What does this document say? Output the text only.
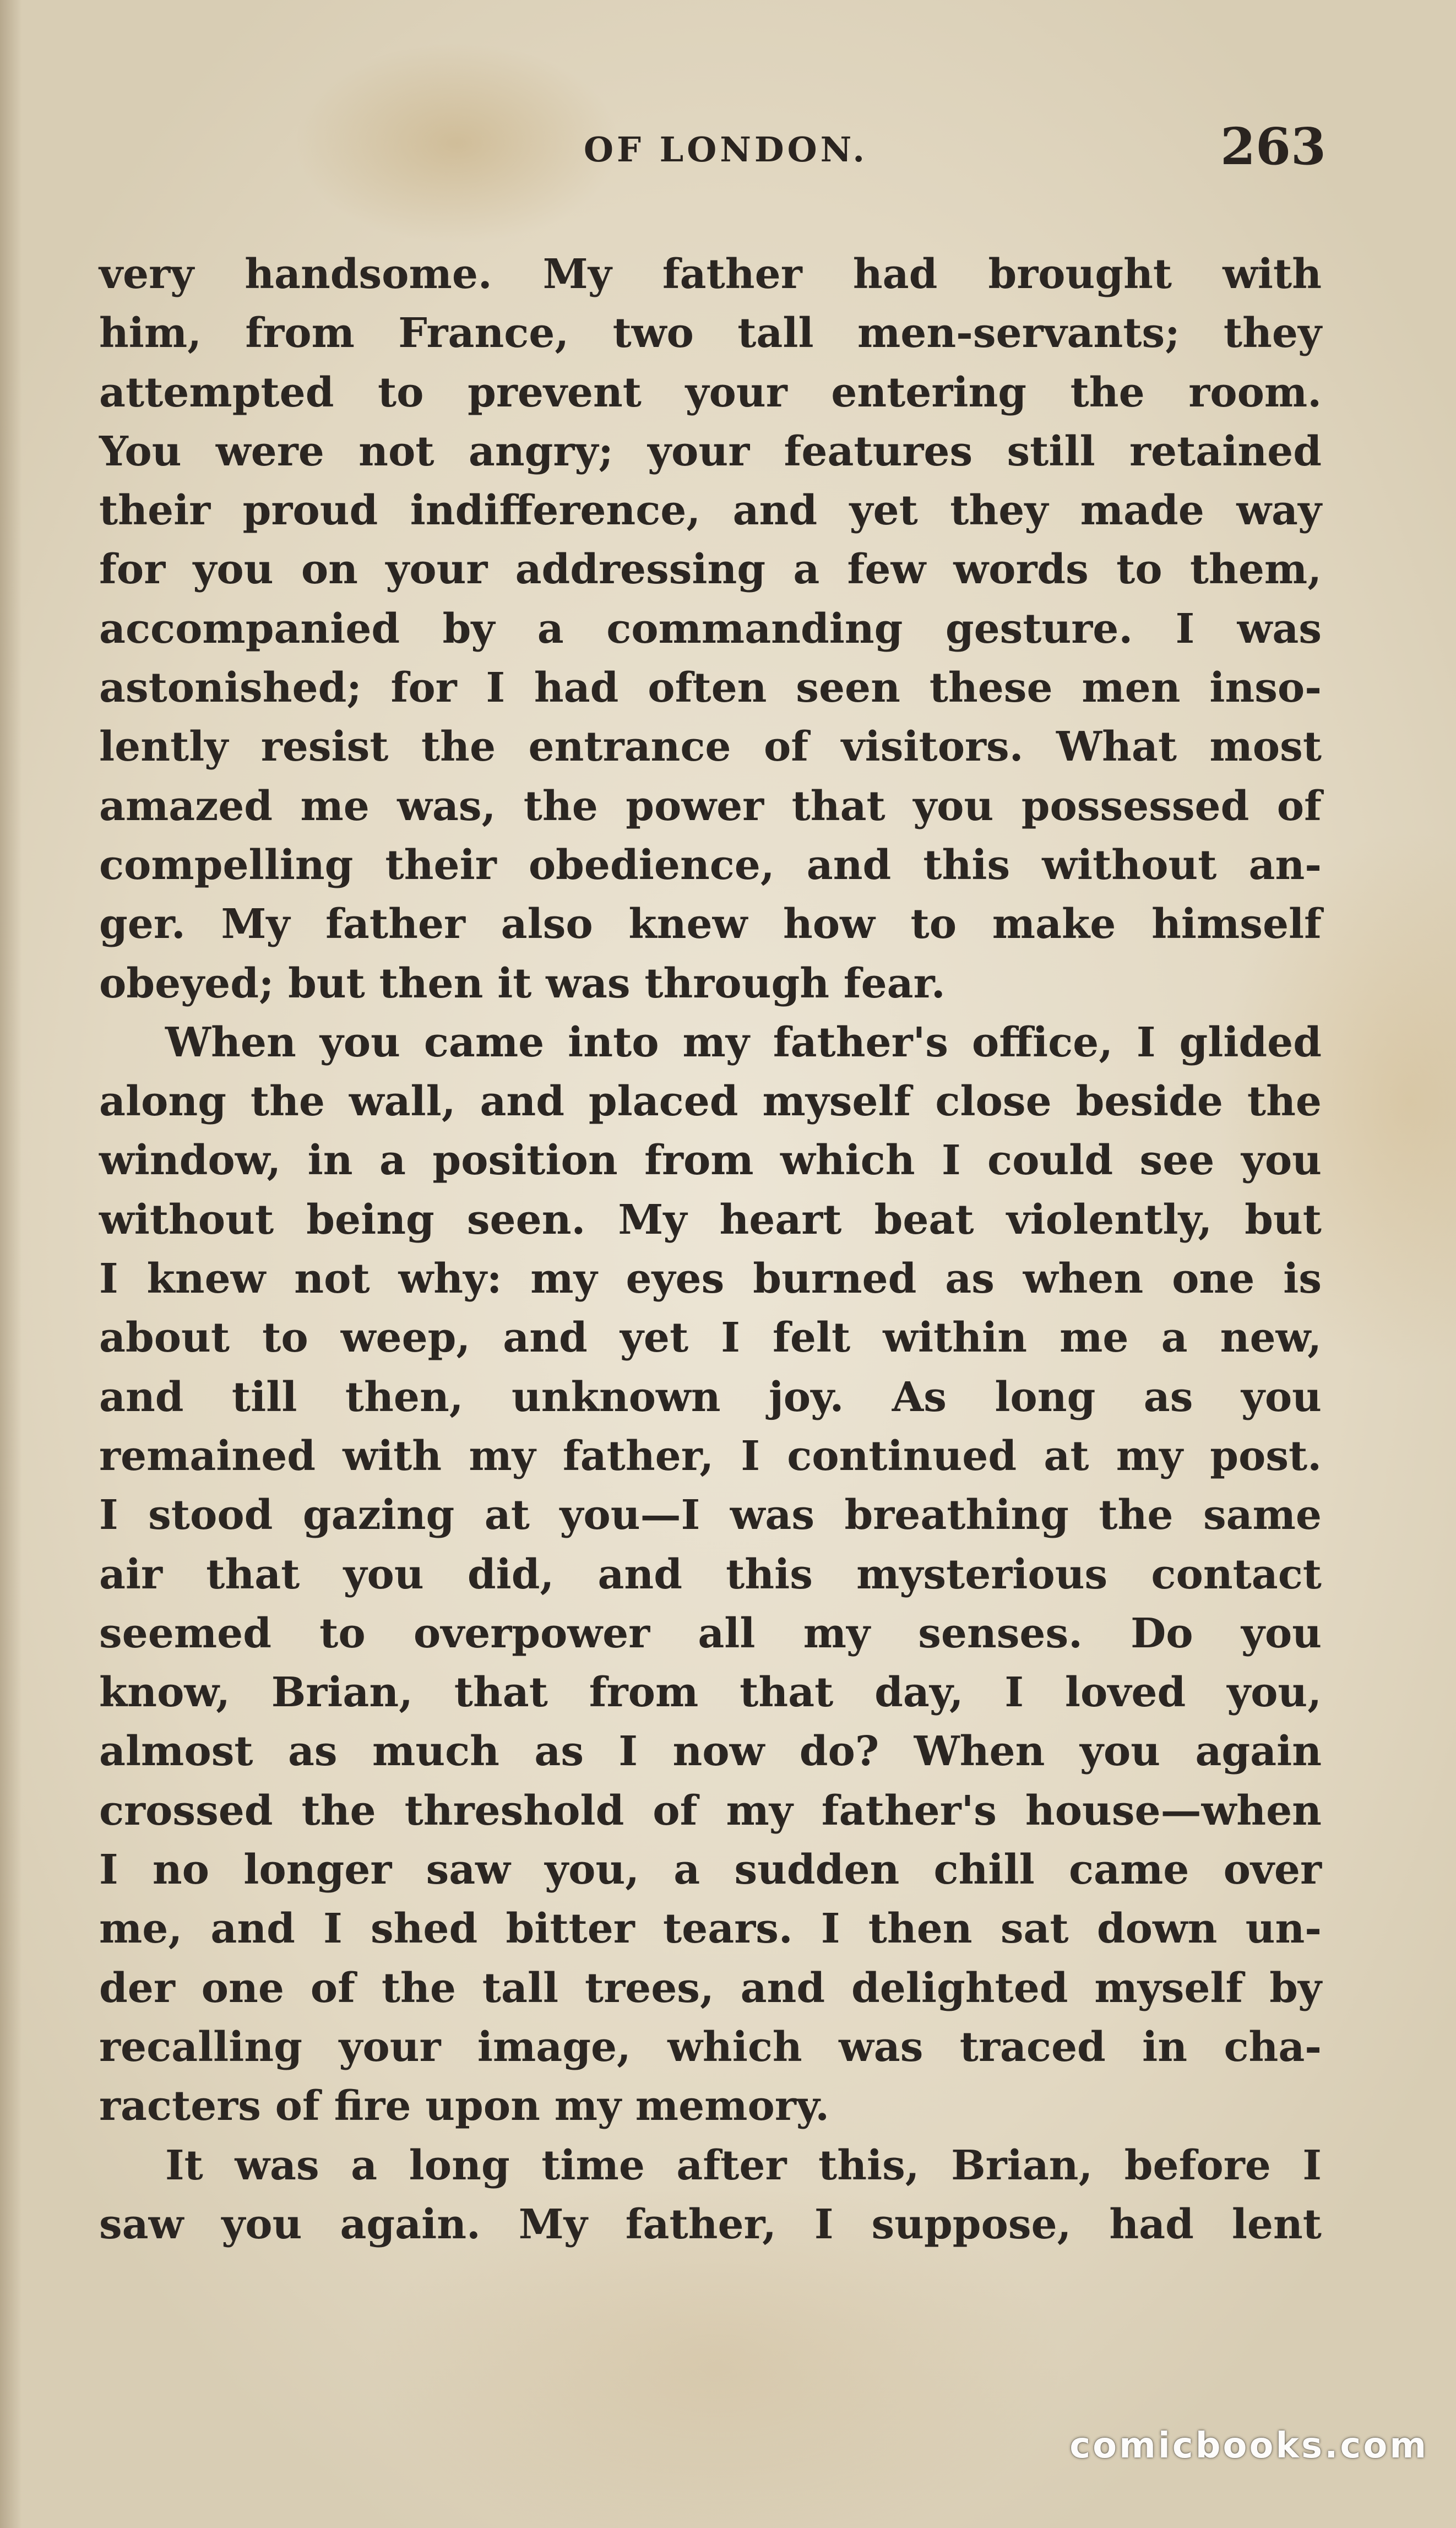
OF LONDON.	263
very handsome. My father had brought with
him, from France, two tall men-servants; they
attempted to prevent your entering the room.
You were not angry; your features still retained
their proud indifference, and yet they made way
for you on your addressing a few words to them,
accompanied by a commanding gesture. I was
astonished; for I had often seen these men inso-
lently resist the entrance of visitors. What most
amazed me was, the power that you possessed of
compelling their obedience, and this without an-
ger. My father also knew how to make himself
obeyed; but then it was through fear.
When you came into my father's office, I glided
along the wall, and placed myself close beside the
window, in a position from which I could see you
without being seen. My heart beat violently, but
I knew not why: my eyes burned as when one is
about to weep, and yet I felt within me a new,
and till then, unknown joy. As long as you
remained with my father, I continued at my post.
I stood gazing at you—I was breathing the same
air that you did, and this mysterious contact
seemed to overpower all my senses. Do you
know, Brian, that from that day, I loved you,
almost as much as I now do? When you again
crossed the threshold of my father's house—when
I no longer saw you, a sudden chill came over
me, and I shed bitter tears. I then sat down un-
der one of the tall trees, and delighted myself by
recalling your image, which was traced in cha-
racters of fire upon my memory.
It was a long time after this, Brian, before I
saw you again. My father, I suppose, had lent
comicbooks.com
